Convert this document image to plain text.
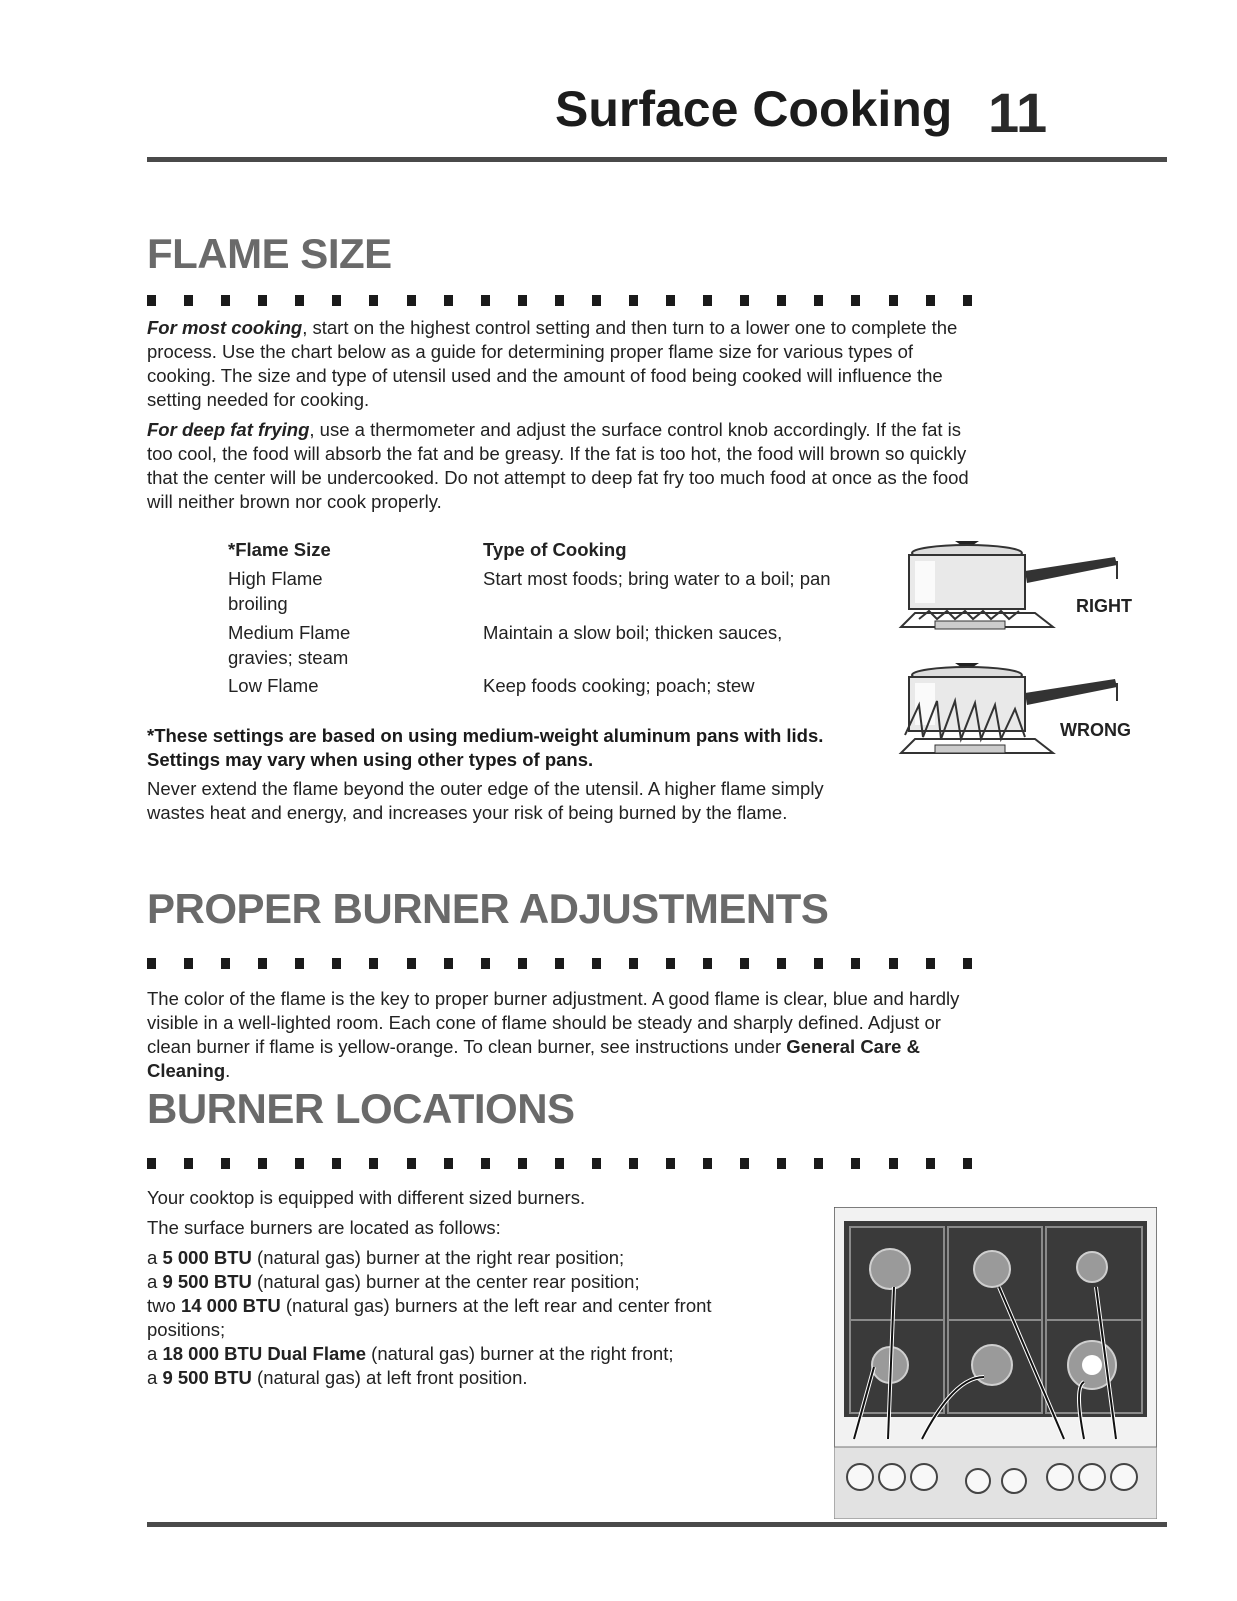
Surface Cooking 11
FLAME SIZE

For most cooking, start on the highest control setting and then turn to a lower one to complete the process. Use the chart below as a guide for determining proper flame size for various types of cooking. The size and type of utensil used and the amount of food being cooked will influence the setting needed for cooking.

For deep fat frying, use a thermometer and adjust the surface control knob accordingly. If the fat is too cool, the food will absorb the fat and be greasy. If the fat is too hot, the food will brown so quickly that the center will be undercooked. Do not attempt to deep fat fry too much food at once as the food will neither brown nor cook properly.

*Flame Size	Type of Cooking
High Flame	Start most foods; bring water to a boil; pan
broiling
Medium Flame	Maintain a slow boil; thicken sauces,
gravies; steam
Low Flame	Keep foods cooking; poach; stew
*These settings are based on using medium-weight aluminum pans with lids. Settings may vary when using other types of pans.
Never extend the flame beyond the outer edge of the utensil. A higher flame simply wastes heat and energy, and increases your risk of being burned by the flame.
RIGHT
WRONG
PROPER BURNER ADJUSTMENTS
The color of the flame is the key to proper burner adjustment. A good flame is clear, blue and hardly visible in a well-lighted room. Each cone of flame should be steady and sharply defined. Adjust or clean burner if flame is yellow-orange. To clean burner, see instructions under General Care & Cleaning.
BURNER LOCATIONS

Your cooktop is equipped with different sized burners.

The surface burners are located as follows:

a 5 000 BTU (natural gas) burner at the right rear position;
a 9 500 BTU (natural gas) burner at the center rear position;
two 14 000 BTU (natural gas) burners at the left rear and center front positions;
a 18 000 BTU Dual Flame (natural gas) burner at the right front;
a 9 500 BTU (natural gas) at left front position.
